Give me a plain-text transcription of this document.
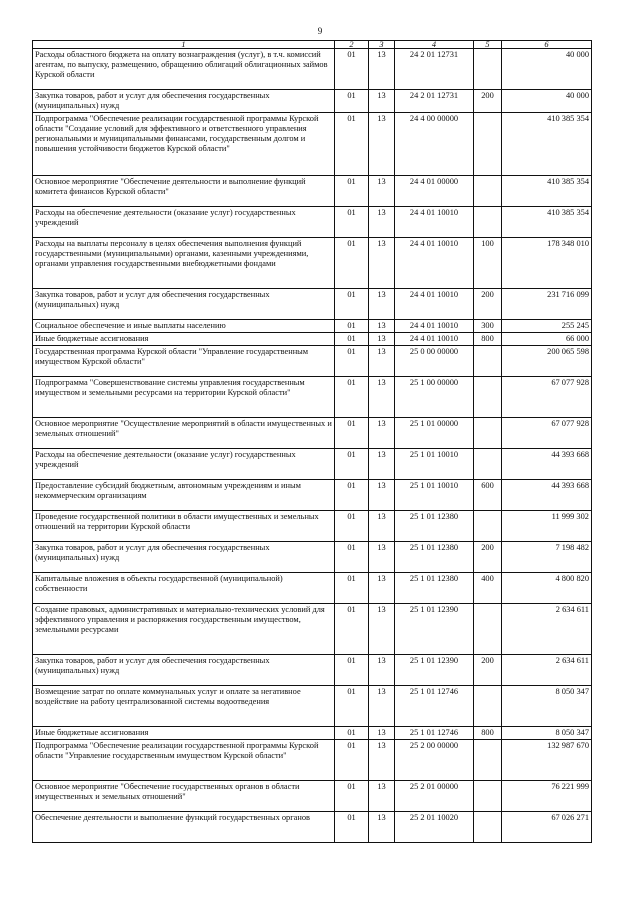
9
1	2	3	4	5	6
Расходы областного бюджета на оплату вознаграждения (услуг), в т.ч. комиссий агентам, по выпуску, размещению, обращению облигаций облигационных займов Курской области	01	13	24 2 01 12731		40 000
Закупка товаров, работ и услуг для обеспечения государственных (муниципальных) нужд	01	13	24 2 01 12731	200	40 000
Подпрограмма "Обеспечение реализации государственной программы Курской области "Создание условий для эффективного и ответственного управления региональными и муниципальными финансами, государственным долгом и повышения устойчивости бюджетов Курской области"	01	13	24 4 00 00000		410 385 354
Основное мероприятие "Обеспечение деятельности и выполнение функций комитета финансов Курской области"	01	13	24 4 01 00000		410 385 354
Расходы на обеспечение деятельности (оказание услуг) государственных учреждений	01	13	24 4 01 10010		410 385 354
Расходы на выплаты персоналу в целях обеспечения выполнения функций государственными (муниципальными) органами, казенными учреждениями, органами управления государственными внебюджетными фондами	01	13	24 4 01 10010	100	178 348 010
Закупка товаров, работ и услуг для обеспечения государственных (муниципальных) нужд	01	13	24 4 01 10010	200	231 716 099
Социальное обеспечение и иные выплаты населению	01	13	24 4 01 10010	300	255 245
Иные бюджетные ассигнования	01	13	24 4 01 10010	800	66 000
Государственная программа Курской области "Управление государственным имуществом Курской области"	01	13	25 0 00 00000		200 065 598
Подпрограмма "Совершенствование системы управления государственным имуществом и земельными ресурсами на территории Курской области"	01	13	25 1 00 00000		67 077 928
Основное мероприятие "Осуществление мероприятий в области имущественных и земельных отношений"	01	13	25 1 01 00000		67 077 928
Расходы на обеспечение деятельности (оказание услуг) государственных учреждений	01	13	25 1 01 10010		44 393 668
Предоставление субсидий бюджетным, автономным учреждениям и иным некоммерческим организациям	01	13	25 1 01 10010	600	44 393 668
Проведение государственной политики в области имущественных и земельных отношений на территории Курской области	01	13	25 1 01 12380		11 999 302
Закупка товаров, работ и услуг для обеспечения государственных (муниципальных) нужд	01	13	25 1 01 12380	200	7 198 482
Капитальные вложения в объекты государственной (муниципальной) собственности	01	13	25 1 01 12380	400	4 800 820
Создание правовых, административных и материально-технических условий для эффективного управления и распоряжения государственным имуществом, земельными ресурсами	01	13	25 1 01 12390		2 634 611
Закупка товаров, работ и услуг для обеспечения государственных (муниципальных) нужд	01	13	25 1 01 12390	200	2 634 611
Возмещение затрат по оплате коммунальных услуг и оплате за негативное воздействие на работу централизованной системы водоотведения	01	13	25 1 01 12746		8 050 347
Иные бюджетные ассигнования	01	13	25 1 01 12746	800	8 050 347
Подпрограмма "Обеспечение реализации государственной программы Курской области "Управление государственным имуществом Курской области"	01	13	25 2 00 00000		132 987 670
Основное мероприятие "Обеспечение государственных органов в области имущественных и земельных отношений"	01	13	25 2 01 00000		76 221 999
Обеспечение деятельности и выполнение функций государственных органов	01	13	25 2 01 10020		67 026 271
